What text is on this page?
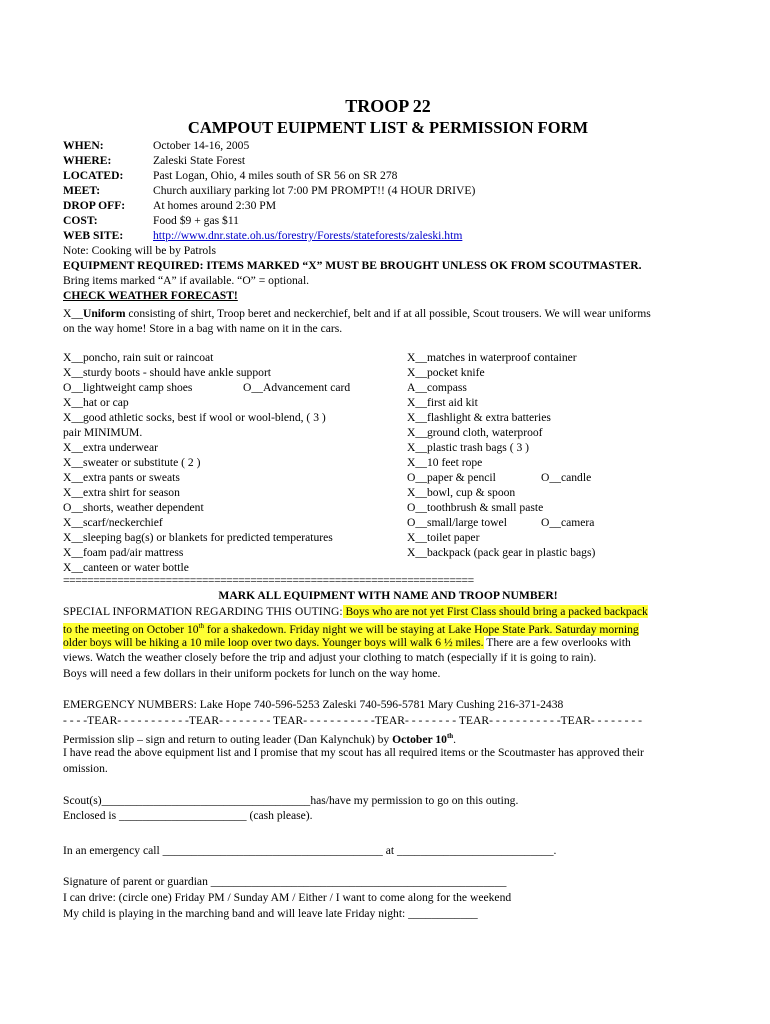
TROOP 22
CAMPOUT EUIPMENT LIST & PERMISSION FORM
WHEN:	October 14-16, 2005
WHERE:	Zaleski State Forest
LOCATED:	Past Logan, Ohio, 4 miles south of SR 56 on SR 278
MEET:	Church auxiliary parking lot 7:00 PM PROMPT!! (4 HOUR DRIVE)
DROP OFF: At homes around 2:30 PM
COST:	Food $9 + gas $11
WEB SITE:	http://www.dnr.state.oh.us/forestry/Forests/stateforests/zaleski.htm
Note: Cooking will be by Patrols
EQUIPMENT REQUIRED: ITEMS MARKED “X” MUST BE BROUGHT UNLESS OK FROM SCOUTMASTER.
Bring items marked “A” if available. “O” = optional.
CHECK WEATHER FORECAST!
X__Uniform consisting of shirt, Troop beret and neckerchief, belt and if at all possible, Scout trousers. We will wear uniforms
on the way home! Store in a bag with name on it in the cars.
X__poncho, rain suit or raincoat
X__sturdy boots - should have ankle support
O__lightweight camp shoes	O__Advancement card
X__hat or cap
X__good athletic socks, best if wool or wool-blend, ( 3 )
pair MINIMUM.
X__extra underwear
X__sweater or substitute ( 2 )
X__extra pants or sweats
X__extra shirt for season
O__shorts, weather dependent
X__scarf/neckerchief
X__sleeping bag(s) or blankets for predicted temperatures
X__foam pad/air mattress
X__canteen or water bottle
X__matches in waterproof container
X__pocket knife
A__compass
X__first aid kit
X__flashlight & extra batteries
X__ground cloth, waterproof
X__plastic trash bags ( 3 )
X__10 feet rope
O__paper & pencil	O__candle
X__bowl, cup & spoon
O__toothbrush & small paste
O__small/large towel	O__camera
X__toilet paper
X__backpack (pack gear in plastic bags)
====================================================================
MARK ALL EQUIPMENT WITH NAME AND TROOP NUMBER!
SPECIAL INFORMATION REGARDING THIS OUTING: Boys who are not yet First Class should bring a packed backpack
to the meeting on October 10th for a shakedown. Friday night we will be staying at Lake Hope State Park. Saturday morning
older boys will be hiking a 10 mile loop over two days. Younger boys will walk 6 ½ miles. There are a few overlooks with
views. Watch the weather closely before the trip and adjust your clothing to match (especially if it is going to rain).
Boys will need a few dollars in their uniform pockets for lunch on the way home.
EMERGENCY NUMBERS: Lake Hope 740-596-5253 Zaleski 740-596-5781 Mary Cushing 216-371-2438
- - - -TEAR- - - - - - - - - - -TEAR- - - - - - - - TEAR- - - - - - - - - - -TEAR- - - - - - - - TEAR- - - - - - - - - - -TEAR- - - - - - - -
Permission slip – sign and return to outing leader (Dan Kalynchuk) by October 10th.
I have read the above equipment list and I promise that my scout has all required items or the Scoutmaster has approved their
omission.
Scout(s)____________________________________has/have my permission to go on this outing.
Enclosed is ______________________ (cash please).
In an emergency call ______________________________________ at ___________________________.
Signature of parent or guardian ___________________________________________________
I can drive: (circle one) Friday PM / Sunday AM / Either / I want to come along for the weekend
My child is playing in the marching band and will leave late Friday night: ____________
